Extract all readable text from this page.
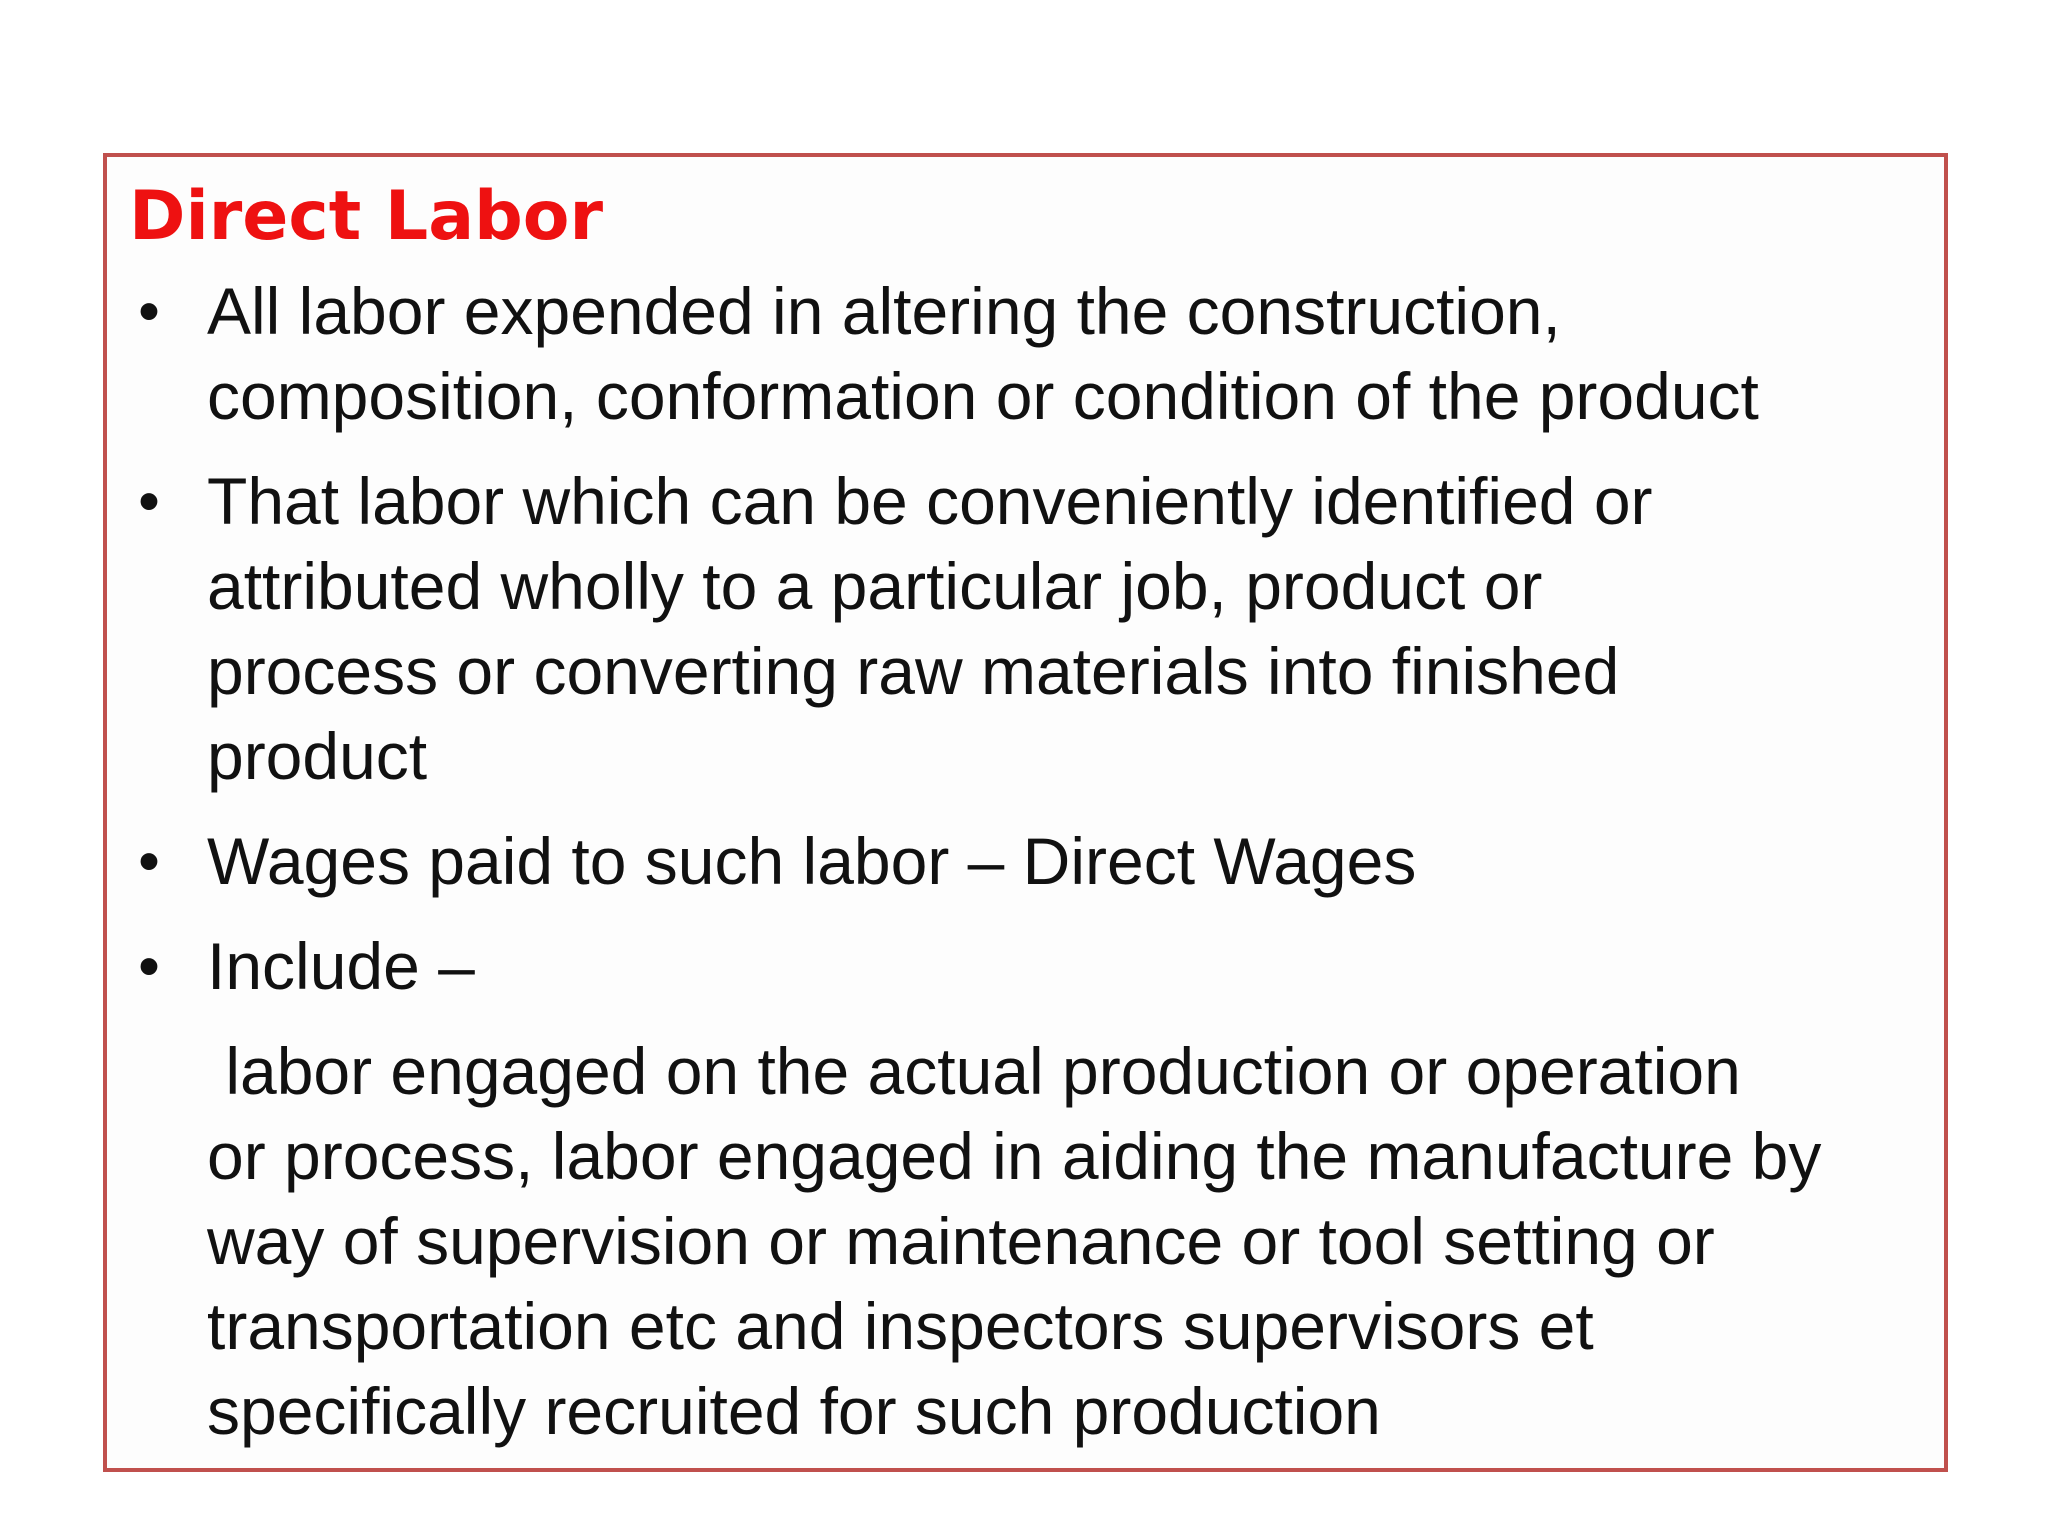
Direct Labor
• All labor expended in altering the construction,
composition, conformation or condition of the product
• That labor which can be conveniently identified or
attributed wholly to a particular job, product or
process or converting raw materials into finished
product
• Wages paid to such labor – Direct Wages
• Include –
labor engaged on the actual production or operation
or process, labor engaged in aiding the manufacture by
way of supervision or maintenance or tool setting or
transportation etc and inspectors supervisors et
specifically recruited for such production
